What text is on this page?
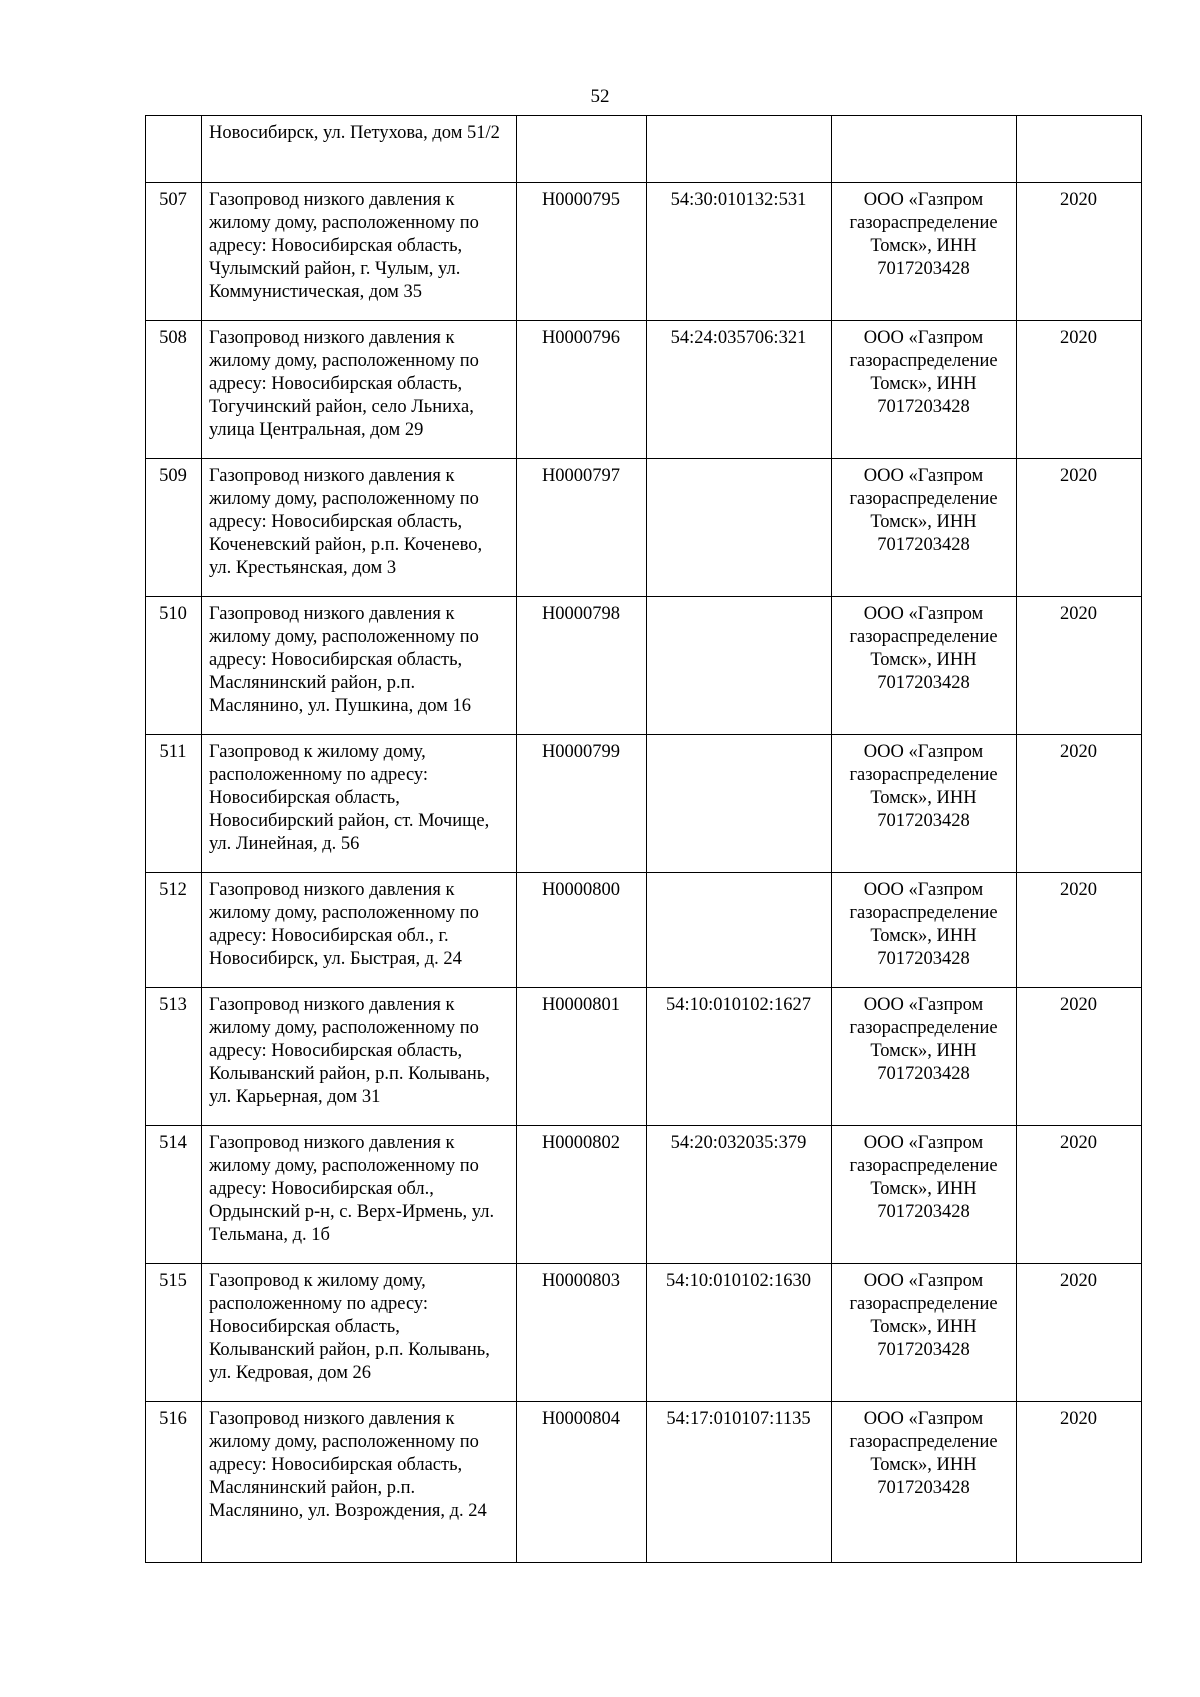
52
	Новосибирск, ул. Петухова, дом 51/2				
507	Газопровод низкого давления к жилому дому, расположенному по адресу: Новосибирская область, Чулымский район, г. Чулым, ул. Коммунистическая, дом 35	Н0000795	54:30:010132:531	ООО «Газпром газораспределение Томск», ИНН 7017203428	2020
508	Газопровод низкого давления к жилому дому, расположенному по адресу: Новосибирская область, Тогучинский район, село Льниха, улица Центральная, дом 29	Н0000796	54:24:035706:321	ООО «Газпром газораспределение Томск», ИНН 7017203428	2020
509	Газопровод низкого давления к жилому дому, расположенному по адресу: Новосибирская область, Коченевский район, р.п. Коченево, ул. Крестьянская, дом 3	Н0000797		ООО «Газпром газораспределение Томск», ИНН 7017203428	2020
510	Газопровод низкого давления к жилому дому, расположенному по адресу: Новосибирская область, Маслянинский район, р.п. Маслянино, ул. Пушкина, дом 16	Н0000798		ООО «Газпром газораспределение Томск», ИНН 7017203428	2020
511	Газопровод к жилому дому, расположенному по адресу: Новосибирская область, Новосибирский район, ст. Мочище, ул. Линейная, д. 56	Н0000799		ООО «Газпром газораспределение Томск», ИНН 7017203428	2020
512	Газопровод низкого давления к жилому дому, расположенному по адресу: Новосибирская обл., г. Новосибирск, ул. Быстрая, д. 24	Н0000800		ООО «Газпром газораспределение Томск», ИНН 7017203428	2020
513	Газопровод низкого давления к жилому дому, расположенному по адресу: Новосибирская область, Колыванский район, р.п. Колывань, ул. Карьерная, дом 31	Н0000801	54:10:010102:1627	ООО «Газпром газораспределение Томск», ИНН 7017203428	2020
514	Газопровод низкого давления к жилому дому, расположенному по адресу: Новосибирская обл., Ордынский р-н, с. Верх-Ирмень, ул. Тельмана, д. 1б	Н0000802	54:20:032035:379	ООО «Газпром газораспределение Томск», ИНН 7017203428	2020
515	Газопровод к жилому дому, расположенному по адресу: Новосибирская область, Колыванский район, р.п. Колывань, ул. Кедровая, дом 26	Н0000803	54:10:010102:1630	ООО «Газпром газораспределение Томск», ИНН 7017203428	2020
516	Газопровод низкого давления к жилому дому, расположенному по адресу: Новосибирская область, Маслянинский район, р.п. Маслянино, ул. Возрождения, д. 24	Н0000804	54:17:010107:1135	ООО «Газпром газораспределение Томск», ИНН 7017203428	2020
